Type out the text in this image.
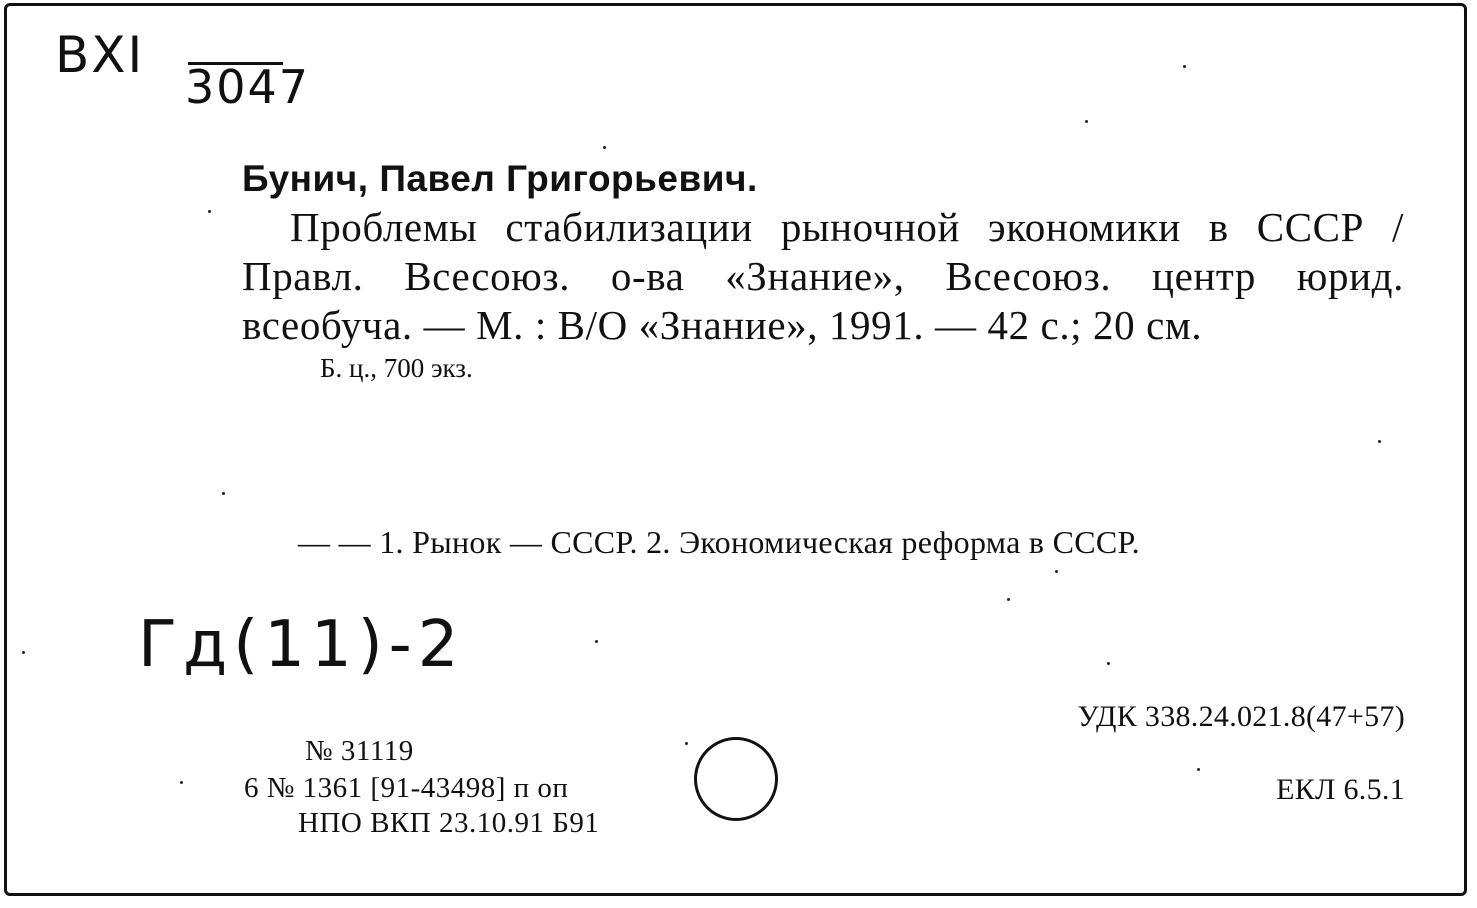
ВХI
3047
Бунич, Павел Григорьевич.
Проблемы стабилизации рыночной экономики в СССР / Правл. Всесоюз. о-ва «Знание», Всесоюз. центр юрид. всеобуча. — М. : В/О «Знание», 1991. — 42 с.; 20 см.
Б. ц., 700 экз.
— — 1. Рынок — СССР. 2. Экономическая реформа в СССР.
Гд(11)-2
УДК 338.24.021.8(47+57)
ЕКЛ 6.5.1
№ 31119
6 № 1361 [91-43498] п оп
НПО ВКП 23.10.91 Б91
